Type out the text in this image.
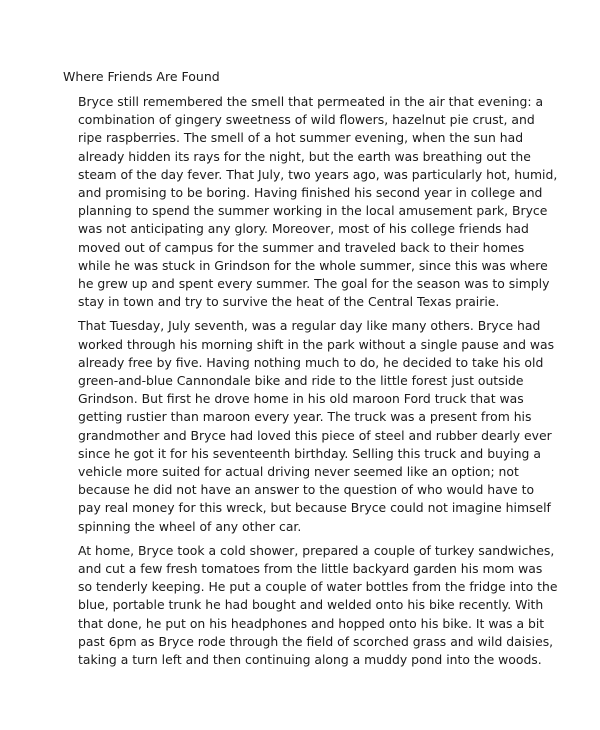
Where Friends Are Found

Bryce still remembered the smell that permeated in the air that evening: a
combination of gingery sweetness of wild flowers, hazelnut pie crust, and
ripe raspberries. The smell of a hot summer evening, when the sun had
already hidden its rays for the night, but the earth was breathing out the
steam of the day fever. That July, two years ago, was particularly hot, humid,
and promising to be boring. Having finished his second year in college and
planning to spend the summer working in the local amusement park, Bryce
was not anticipating any glory. Moreover, most of his college friends had
moved out of campus for the summer and traveled back to their homes
while he was stuck in Grindson for the whole summer, since this was where
he grew up and spent every summer. The goal for the season was to simply
stay in town and try to survive the heat of the Central Texas prairie.

That Tuesday, July seventh, was a regular day like many others. Bryce had
worked through his morning shift in the park without a single pause and was
already free by five. Having nothing much to do, he decided to take his old
green-and-blue Cannondale bike and ride to the little forest just outside
Grindson. But first he drove home in his old maroon Ford truck that was
getting rustier than maroon every year. The truck was a present from his
grandmother and Bryce had loved this piece of steel and rubber dearly ever
since he got it for his seventeenth birthday. Selling this truck and buying a
vehicle more suited for actual driving never seemed like an option; not
because he did not have an answer to the question of who would have to
pay real money for this wreck, but because Bryce could not imagine himself
spinning the wheel of any other car.

At home, Bryce took a cold shower, prepared a couple of turkey sandwiches,
and cut a few fresh tomatoes from the little backyard garden his mom was
so tenderly keeping. He put a couple of water bottles from the fridge into the
blue, portable trunk he had bought and welded onto his bike recently. With
that done, he put on his headphones and hopped onto his bike. It was a bit
past 6pm as Bryce rode through the field of scorched grass and wild daisies,
taking a turn left and then continuing along a muddy pond into the woods.
